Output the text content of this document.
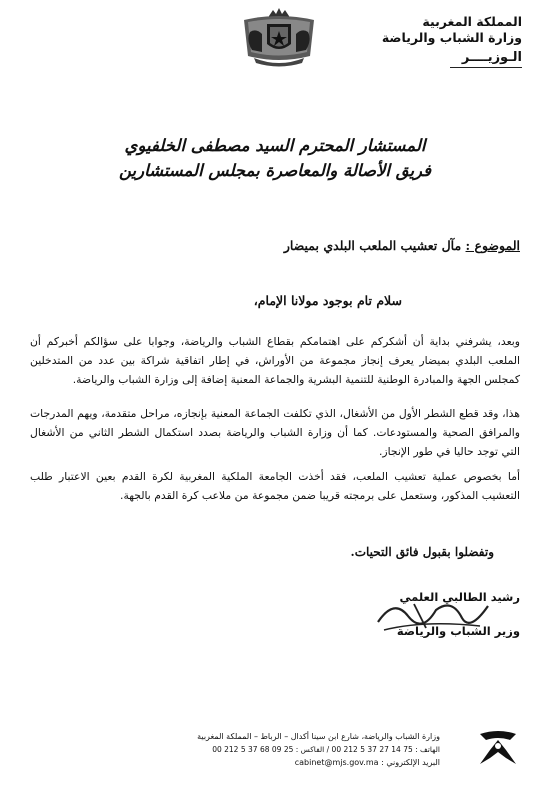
المملكة المغربية
وزارة الشباب والرياضة
الـوزيــــر
المستشار المحترم السيد مصطفى الخلفيوي
فريق الأصالة والمعاصرة بمجلس المستشارين
الموضوع : مآل تعشيب الملعب البلدي بميضار
سلام تام بوجود مولانا الإمام،
وبعد، يشرفني بداية أن أشكركم على اهتمامكم بقطاع الشباب والرياضة، وجوابا على سؤالكم أخبركم أن الملعب البلدي بميضار يعرف إنجاز مجموعة من الأوراش، في إطار اتفاقية شراكة بين عدد من المتدخلين كمجلس الجهة والمبادرة الوطنية للتنمية البشرية والجماعة المعنية إضافة إلى وزارة الشباب والرياضة.
هذا، وقد قطع الشطر الأول من الأشغال، الذي تكلفت الجماعة المعنية بإنجازه، مراحل متقدمة، ويهم المدرجات والمرافق الصحية والمستودعات. كما أن وزارة الشباب والرياضة بصدد استكمال الشطر الثاني من الأشغال التي توجد حاليا في طور الإنجاز.
أما بخصوص عملية تعشيب الملعب، فقد أخذت الجامعة الملكية المغربية لكرة القدم بعين الاعتبار طلب التعشيب المذكور، وستعمل على برمجته قريبا ضمن مجموعة من ملاعب كرة القدم بالجهة.
وتفضلوا بقبول فائق التحيات.
رشيد الطالبي العلمي
وزير الشباب والرياضة
وزارة الشباب والرياضة، شارع ابن سينا أكدال – الرباط – المملكة المغربية
الهاتف : 75 14 27 37 5 212 00 / الفاكس : 25 09 68 37 5 212 00
البريد الإلكتروني : cabinet@mjs.gov.ma
